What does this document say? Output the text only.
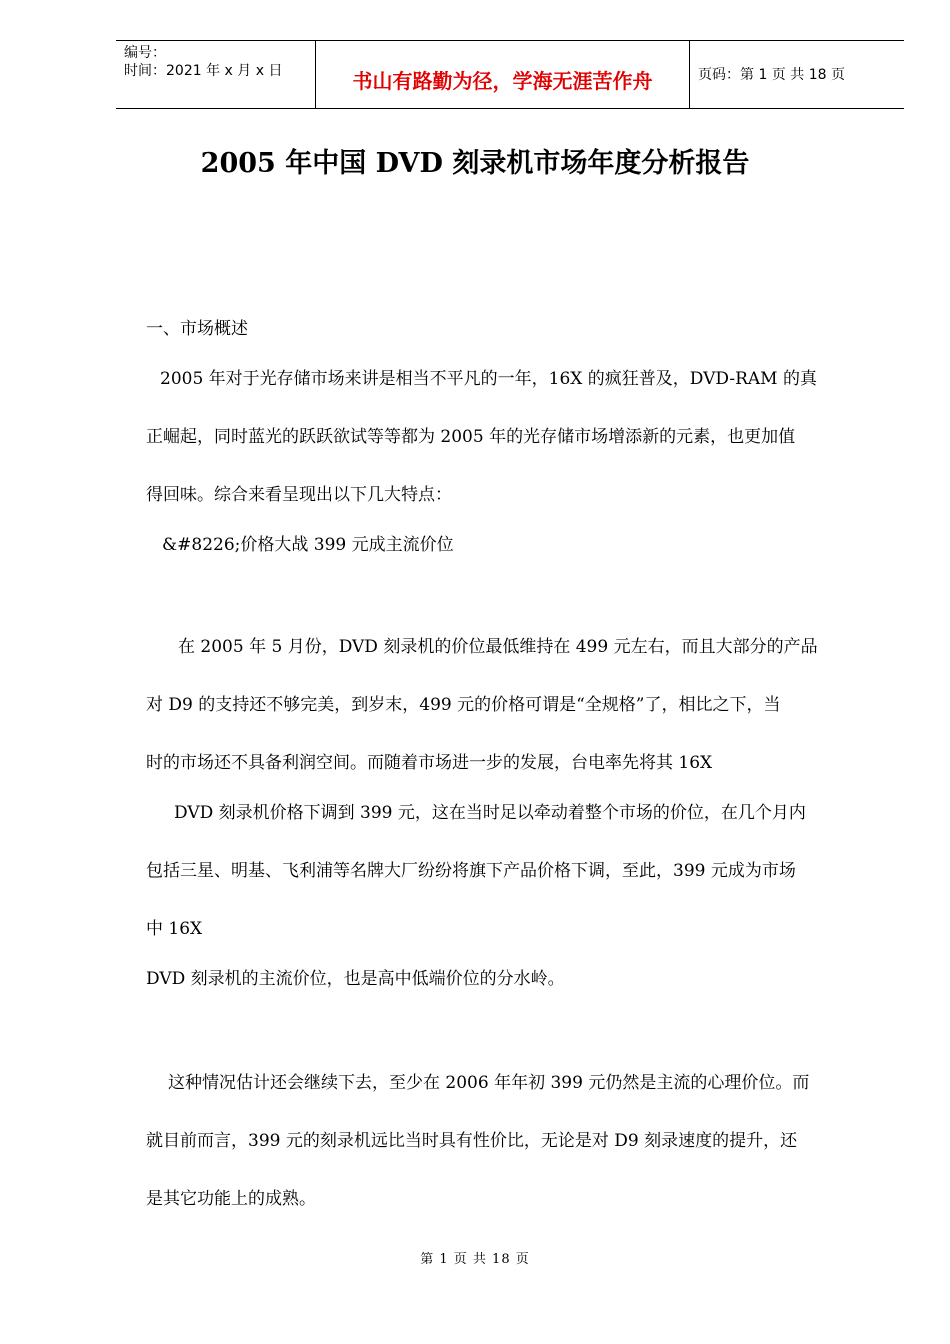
编号：
时间：2021 年 x 月 x 日	书山有路勤为径，学海无涯苦作舟	页码：第 1 页 共 18 页
2005 年中国 DVD 刻录机市场年度分析报告
一、市场概述
2005 年对于光存储市场来讲是相当不平凡的一年，16X 的疯狂普及，DVD-RAM 的真
正崛起，同时蓝光的跃跃欲试等等都为 2005 年的光存储市场增添新的元素，也更加值
得回味。综合来看呈现出以下几大特点：
&#8226;价格大战 399 元成主流价位
在 2005 年 5 月份，DVD 刻录机的价位最低维持在 499 元左右，而且大部分的产品
对 D9 的支持还不够完美，到岁末，499 元的价格可谓是“全规格”了，相比之下，当
时的市场还不具备利润空间。而随着市场进一步的发展，台电率先将其 16X
DVD 刻录机价格下调到 399 元，这在当时足以牵动着整个市场的价位，在几个月内
包括三星、明基、飞利浦等名牌大厂纷纷将旗下产品价格下调，至此，399 元成为市场
中 16X
DVD 刻录机的主流价位，也是高中低端价位的分水岭。
这种情况估计还会继续下去，至少在 2006 年年初 399 元仍然是主流的心理价位。而
就目前而言，399 元的刻录机远比当时具有性价比，无论是对 D9 刻录速度的提升，还
是其它功能上的成熟。
第 1 页 共 18 页
